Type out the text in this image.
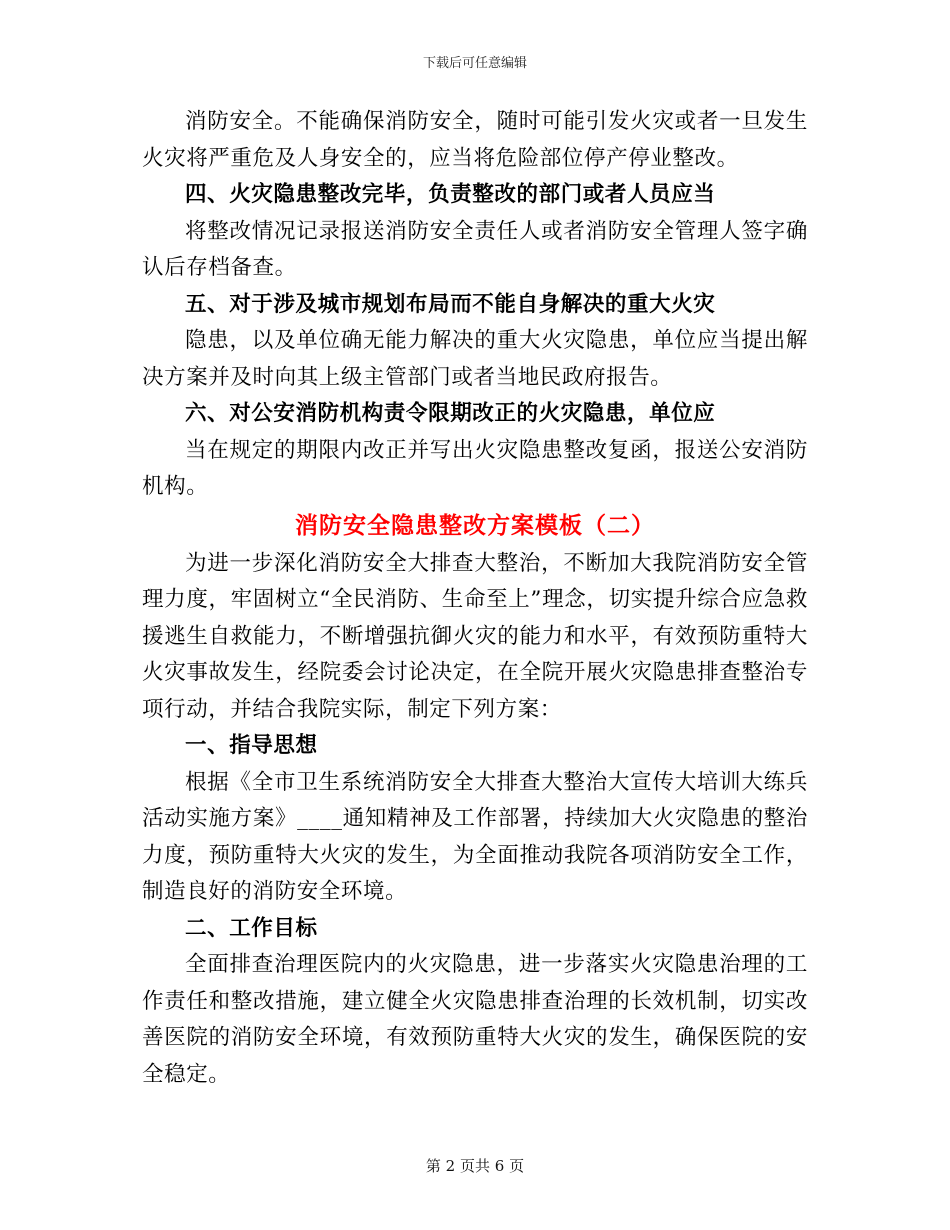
下载后可任意编辑

消防安全。不能确保消防安全，随时可能引发火灾或者一旦发生火灾将严重危及人身安全的，应当将危险部位停产停业整改。

四、火灾隐患整改完毕，负责整改的部门或者人员应当

将整改情况记录报送消防安全责任人或者消防安全管理人签字确认后存档备查。

五、对于涉及城市规划布局而不能自身解决的重大火灾

隐患，以及单位确无能力解决的重大火灾隐患，单位应当提出解决方案并及时向其上级主管部门或者当地民政府报告。

六、对公安消防机构责令限期改正的火灾隐患，单位应

当在规定的期限内改正并写出火灾隐患整改复函，报送公安消防机构。

消防安全隐患整改方案模板（二）

为进一步深化消防安全大排查大整治，不断加大我院消防安全管理力度，牢固树立“全民消防、生命至上”理念，切实提升综合应急救援逃生自救能力，不断增强抗御火灾的能力和水平，有效预防重特大火灾事故发生，经院委会讨论决定，在全院开展火灾隐患排查整治专项行动，并结合我院实际，制定下列方案：

一、指导思想

根据《全市卫生系统消防安全大排查大整治大宣传大培训大练兵活动实施方案》____通知精神及工作部署，持续加大火灾隐患的整治力度，预防重特大火灾的发生，为全面推动我院各项消防安全工作，制造良好的消防安全环境。

二、工作目标

全面排查治理医院内的火灾隐患，进一步落实火灾隐患治理的工作责任和整改措施，建立健全火灾隐患排查治理的长效机制，切实改善医院的消防安全环境，有效预防重特大火灾的发生，确保医院的安全稳定。

第 2 页共 6 页
